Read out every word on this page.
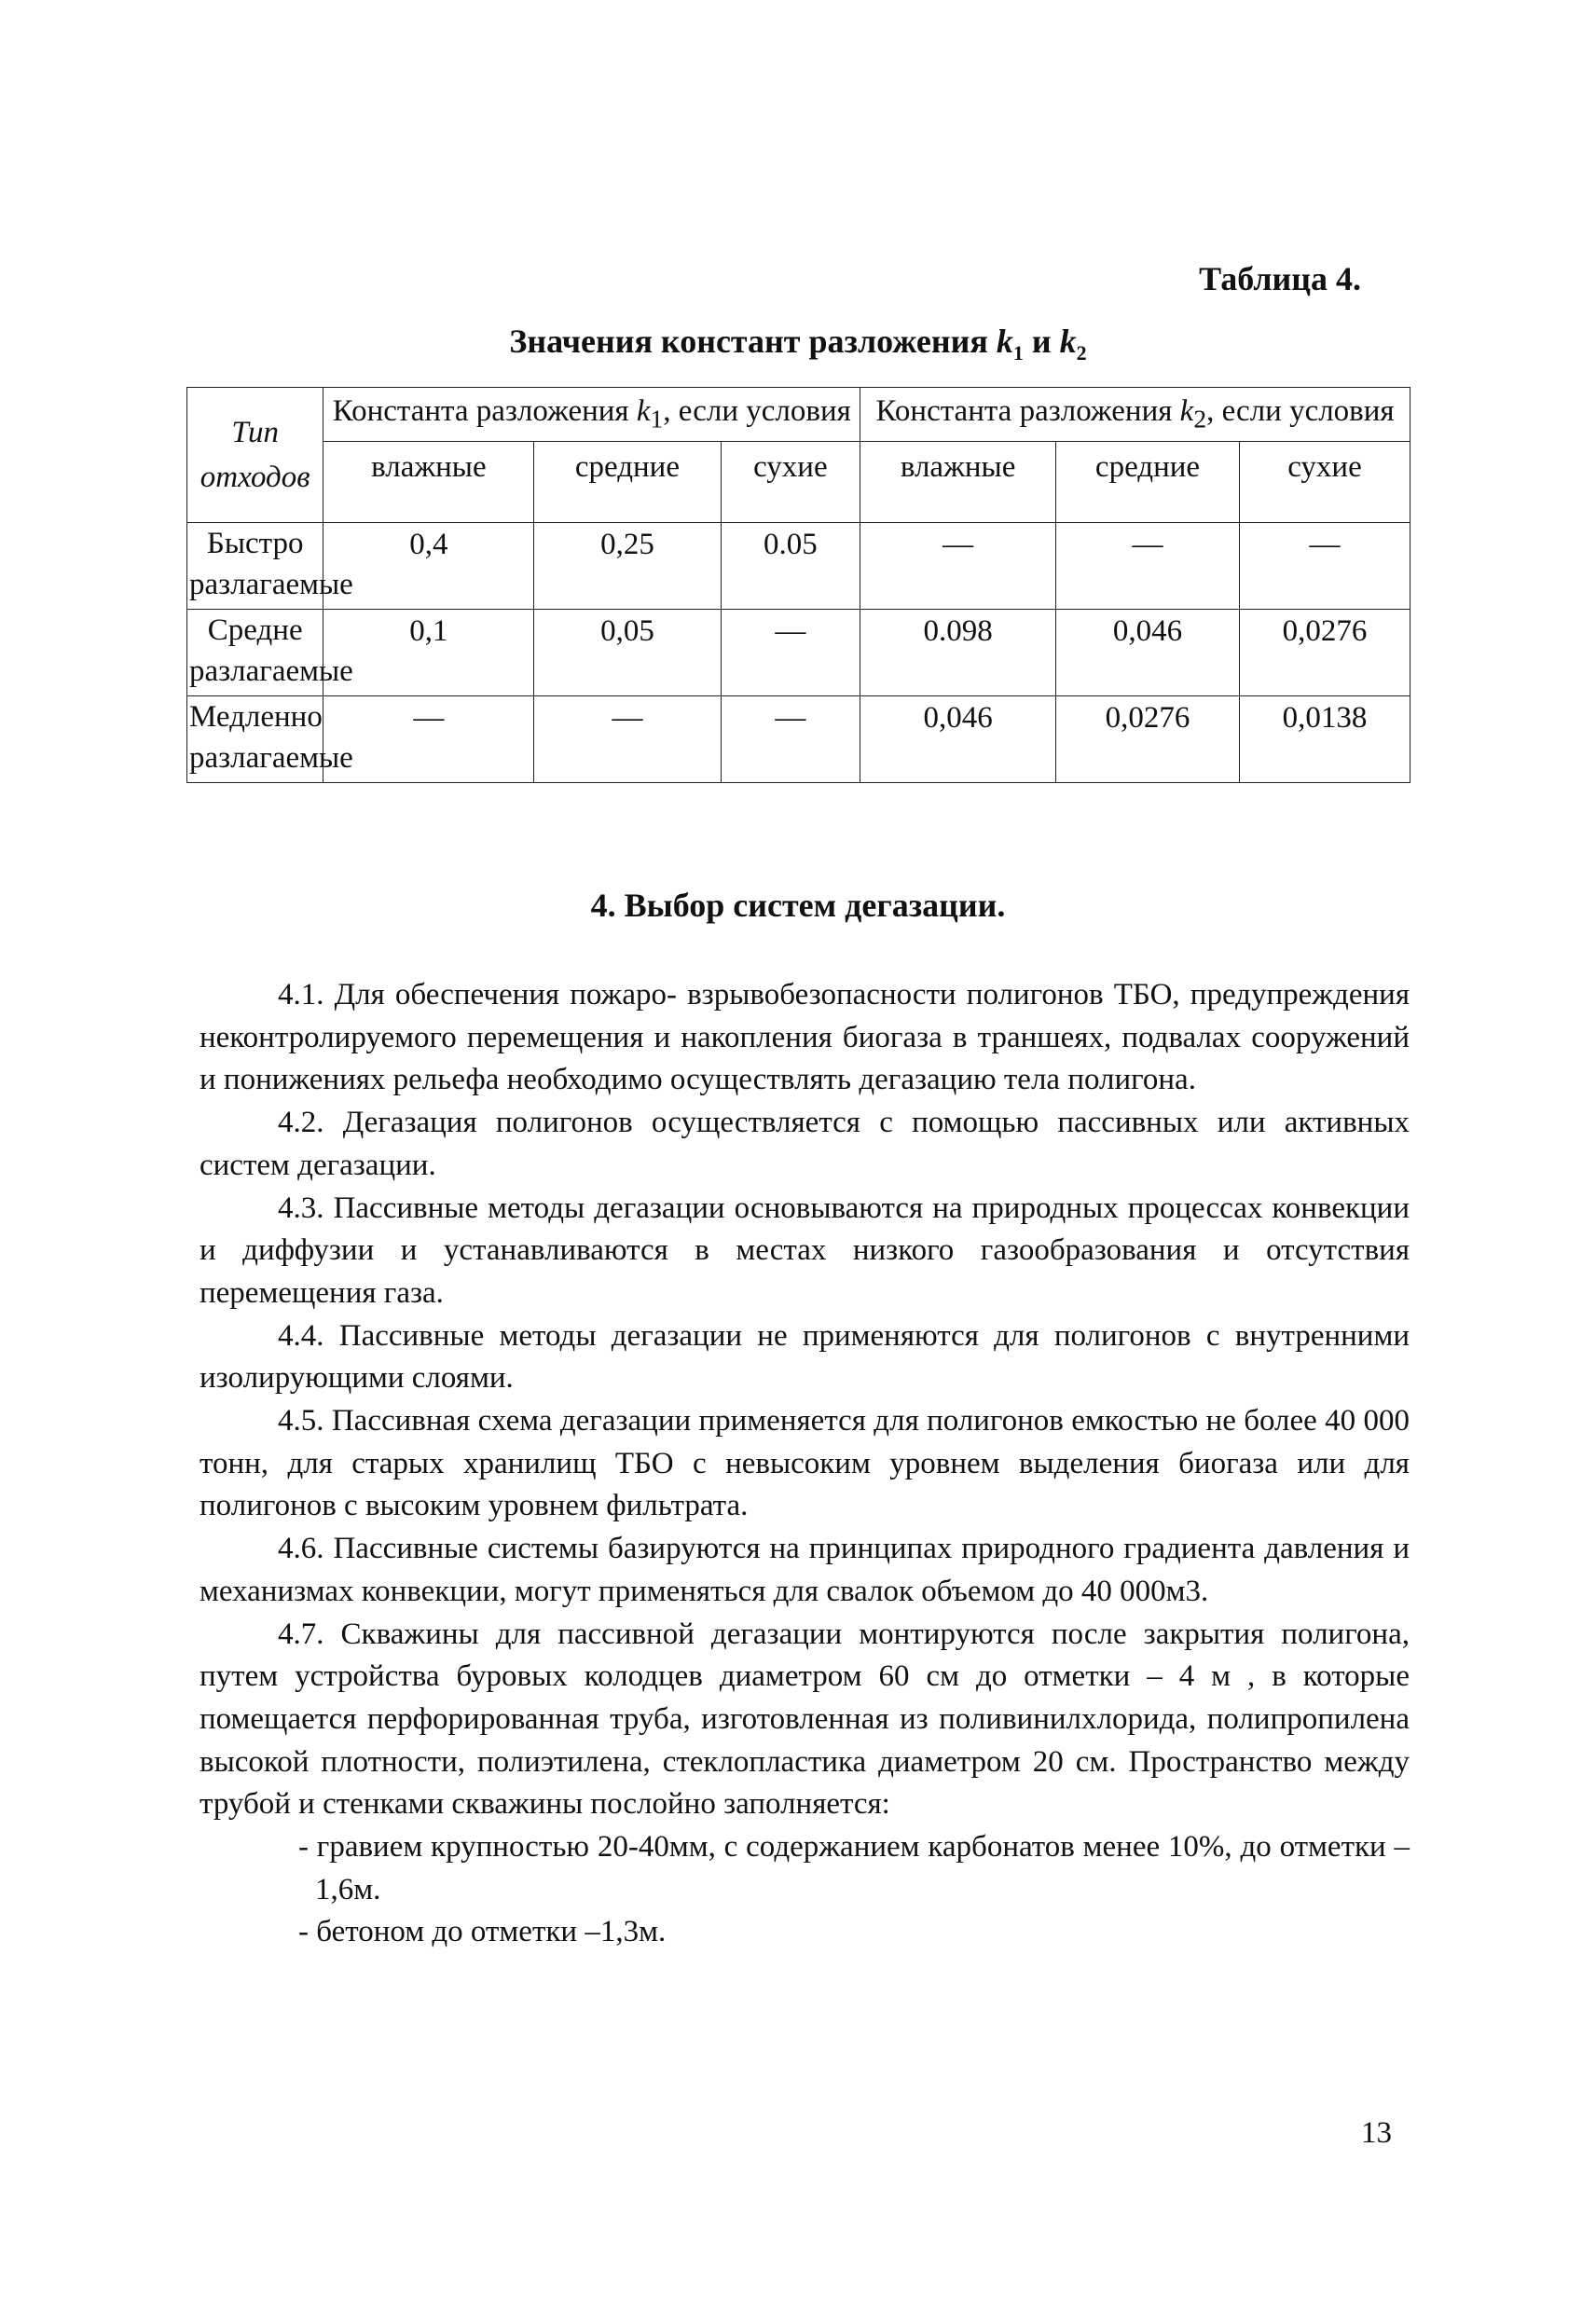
Таблица 4.
Значения констант разложения $k_1$ и $k_2$
Тип отходов	Константа разложения $k_1$, если условия			Константа разложения $k_2$, если условия		
	влажные	средние	сухие	влажные	средние	сухие
Быстро разлагаемые	0,4	0,25	0.05	—	—	—
Средне разлагаемые	0,1	0,05	—	0.098	0,046	0,0276
Медленно разлагаемые	—	—	—	0,046	0,0276	0,0138
4. Выбор систем дегазации.

4.1. Для обеспечения пожаро- взрывобезопасности полигонов ТБО, предупреждения неконтролируемого перемещения и накопления биогаза в траншеях, подвалах сооружений и понижениях рельефа необходимо осуществлять дегазацию тела полигона.

4.2. Дегазация полигонов осуществляется с помощью пассивных или активных систем дегазации.

4.3. Пассивные методы дегазации основываются на природных процессах конвекции и диффузии и устанавливаются в местах низкого газообразования и отсутствия перемещения газа.

4.4. Пассивные методы дегазации не применяются для полигонов с внутренними изолирующими слоями.

4.5. Пассивная схема дегазации применяется для полигонов емкостью не более 40 000 тонн, для старых хранилищ ТБО с невысоким уровнем выделения биогаза или для полигонов с высоким уровнем фильтрата.

4.6. Пассивные системы базируются на принципах природного градиента давления и механизмах конвекции, могут применяться для свалок объемом до 40 000м3.

4.7. Скважины для пассивной дегазации монтируются после закрытия полигона, путем устройства буровых колодцев диаметром 60 см до отметки – 4 м , в которые помещается перфорированная труба, изготовленная из поливинилхлорида, полипропилена высокой плотности, полиэтилена, стеклопластика диаметром 20 см. Пространство между трубой и стенками скважины послойно заполняется:

- гравием крупностью 20-40мм, с содержанием карбонатов менее 10%, до отметки –1,6м.

- бетоном до отметки –1,3м.

13
